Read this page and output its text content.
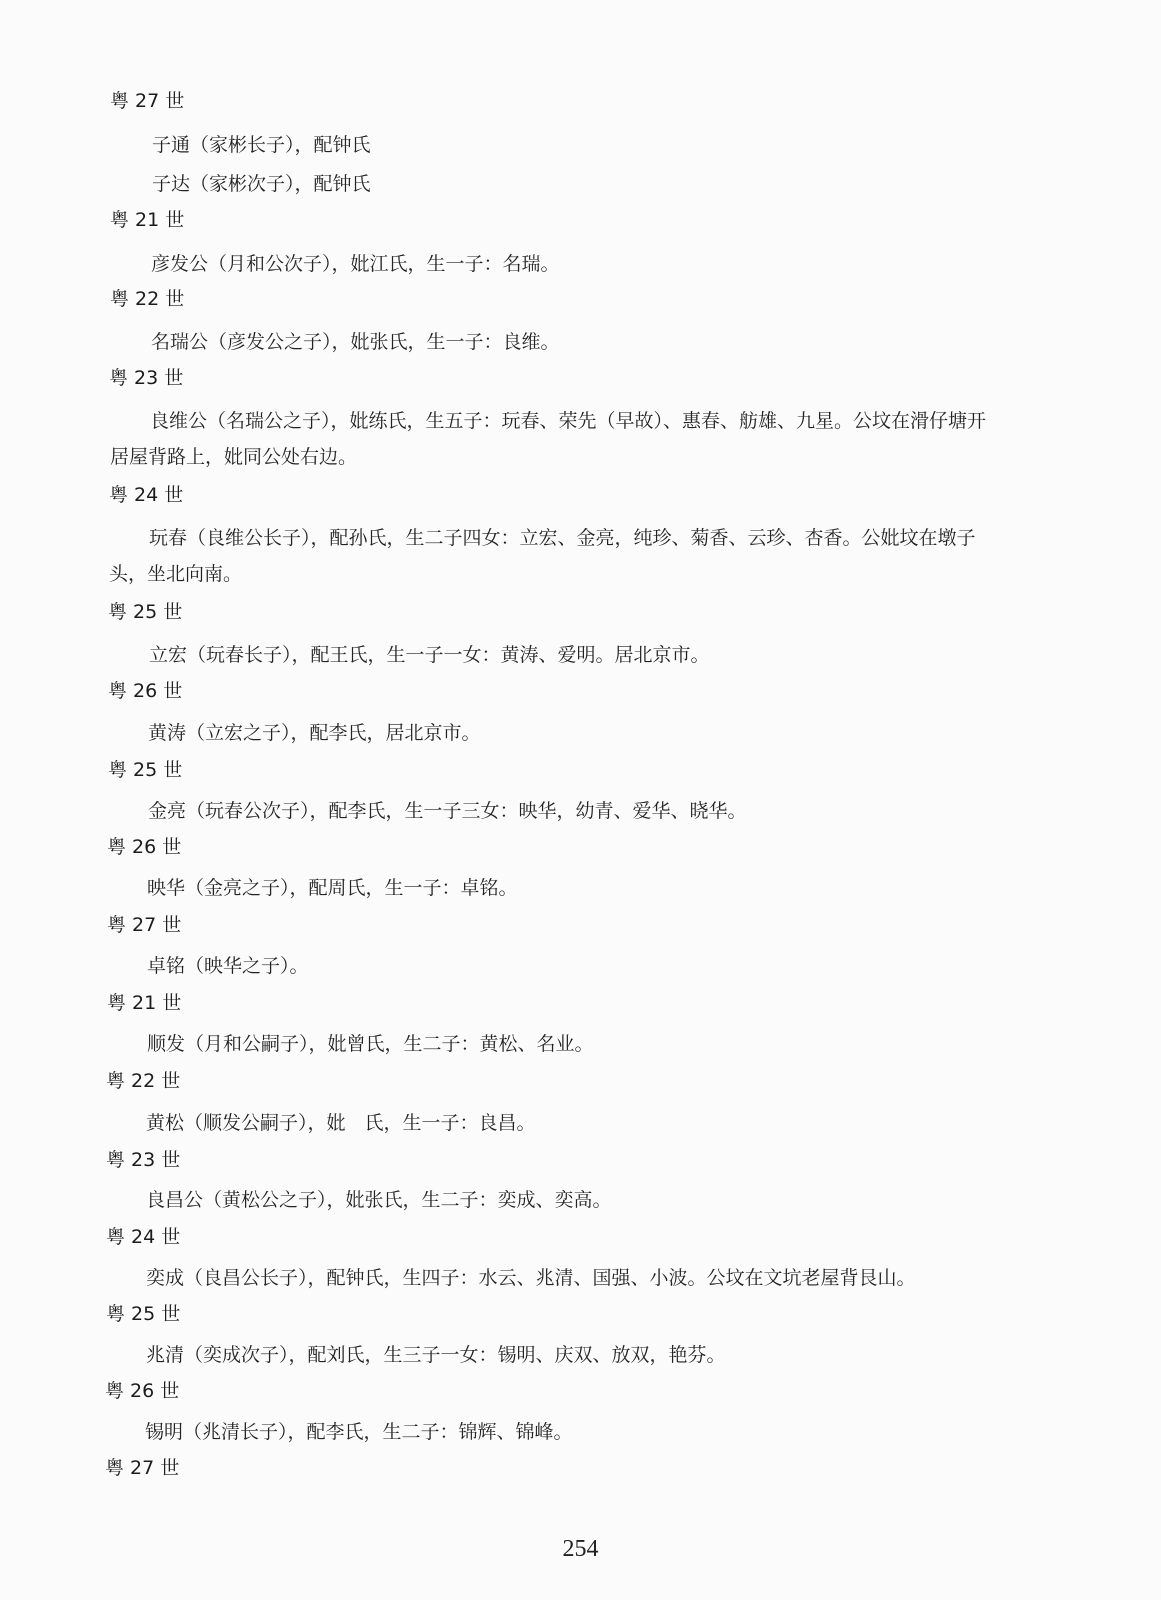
粤 27 世
子通（家彬长子），配钟氏
子达（家彬次子），配钟氏
粤 21 世
彦发公（月和公次子），妣江氏，生一子：名瑞。
粤 22 世
名瑞公（彦发公之子），妣张氏，生一子：良维。
粤 23 世
良维公（名瑞公之子），妣练氏，生五子：玩春、荣先（早故）、惠春、舫雄、九星。公坟在滑仔塘开居屋背路上，妣同公处右边。
粤 24 世
玩春（良维公长子），配孙氏，生二子四女：立宏、金亮，纯珍、菊香、云珍、杏香。公妣坟在墩子头，坐北向南。
粤 25 世
立宏（玩春长子），配王氏，生一子一女：黄涛、爱明。居北京市。
粤 26 世
黄涛（立宏之子），配李氏，居北京市。
粤 25 世
金亮（玩春公次子），配李氏，生一子三女：映华，幼青、爱华、晓华。
粤 26 世
映华（金亮之子），配周氏，生一子：卓铭。
粤 27 世
卓铭（映华之子）。
粤 21 世
顺发（月和公嗣子），妣曾氏，生二子：黄松、名业。
粤 22 世
黄松（顺发公嗣子），妣　氏，生一子：良昌。
粤 23 世
良昌公（黄松公之子），妣张氏，生二子：奕成、奕高。
粤 24 世
奕成（良昌公长子），配钟氏，生四子：水云、兆清、国强、小波。公坟在文坑老屋背艮山。
粤 25 世
兆清（奕成次子），配刘氏，生三子一女：锡明、庆双、放双，艳芬。
粤 26 世
锡明（兆清长子），配李氏，生二子：锦辉、锦峰。
粤 27 世
254
